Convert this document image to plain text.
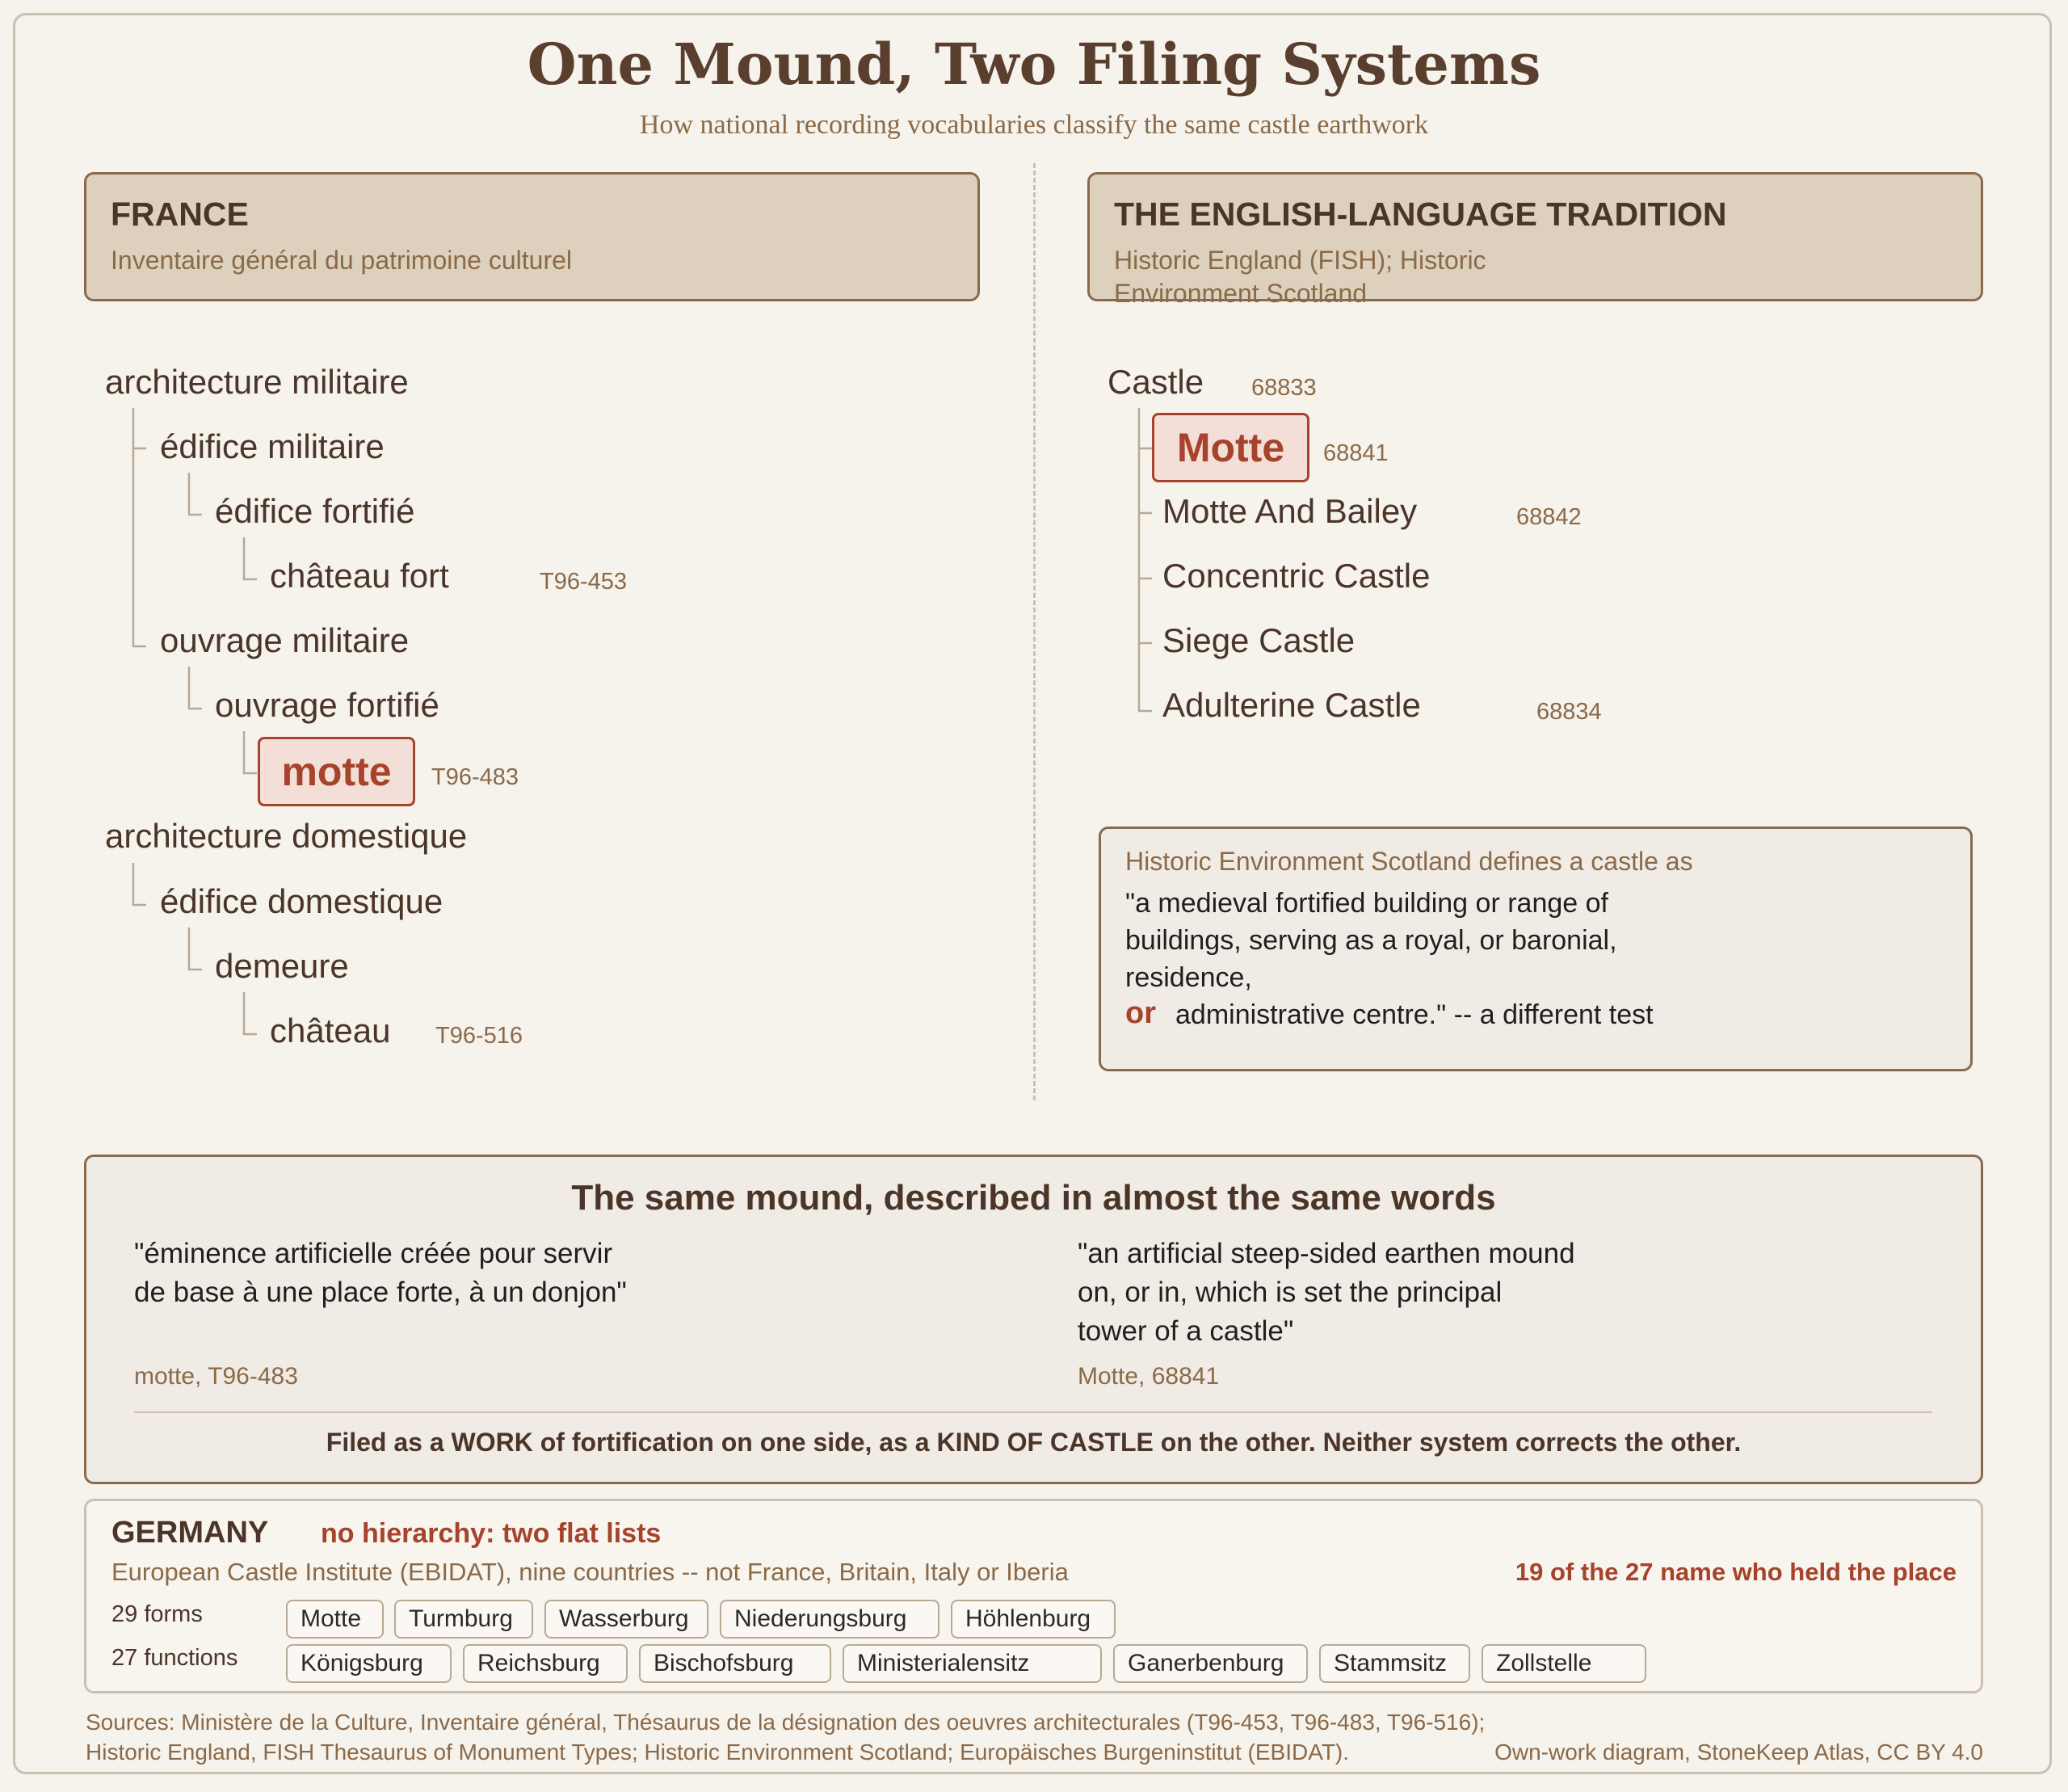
One Mound, Two Filing Systems
How national recording vocabularies classify the same castle earthwork
FRANCE
Inventaire général du patrimoine culturel
architecture militaire
édifice militaire
édifice fortifié
château fort	T96-453
ouvrage militaire
ouvrage fortifié
motte	T96-483
architecture domestique
édifice domestique
demeure
château T96-516
THE ENGLISH-LANGUAGE TRADITION
Historic England (FISH); Historic
Environment Scotland
Castle 68833
Motte	68841
Motte And Bailey	68842
Concentric Castle
Siege Castle
Adulterine Castle	68834
Historic Environment Scotland defines a castle as
"a medieval fortified building or range of
buildings, serving as a royal, or baronial,
residence,
or administrative centre." -- a different test
The same mound, described in almost the same words
"éminence artificielle créée pour servir
de base à une place forte, à un donjon"
motte, T96-483
"an artificial steep-sided earthen mound
on, or in, which is set the principal
tower of a castle"
Motte, 68841
Filed as a WORK of fortification on one side, as a KIND OF CASTLE on the other. Neither system corrects the other.
GERMANY no hierarchy: two flat lists
European Castle Institute (EBIDAT), nine countries -- not France, Britain, Italy or Iberia	19 of the 27 name who held the place
29 forms
27 functions
Motte	Turmburg	Wasserburg	Niederungsburg	Höhlenburg
Königsburg	Reichsburg	Bischofsburg	Ministerialensitz	Ganerbenburg	Stammsitz	Zollstelle
Sources: Ministère de la Culture, Inventaire général, Thésaurus de la désignation des oeuvres architecturales (T96-453, T96-483, T96-516);
Historic England, FISH Thesaurus of Monument Types; Historic Environment Scotland; Europäisches Burgeninstitut (EBIDAT).	Own-work diagram, StoneKeep Atlas, CC BY 4.0
